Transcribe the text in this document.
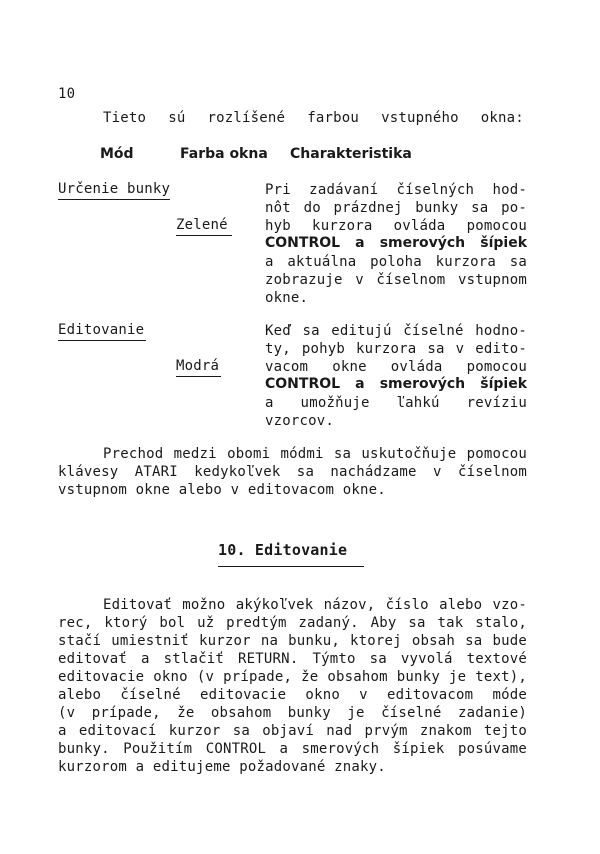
10
Tieto sú rozlíšené farbou vstupného okna:
Mód	Farba okna Charakteristika
Určenie bunky
Zelené
Pri zadávaní číselných hod-
nôt do prázdnej bunky sa po-
hyb kurzora ovláda pomocou
CONTROL a smerových šípiek
a aktuálna poloha kurzora sa
zobrazuje v číselnom vstupnom
okne.
Editovanie
Modrá
Keď sa editujú číselné hodno-
ty, pohyb kurzora sa v edito-
vacom okne ovláda pomocou
CONTROL a smerových šípiek
a umožňuje ľahkú revíziu
vzorcov.
Prechod medzi obomi módmi sa uskutočňuje pomocou
klávesy ATARI kedykoľvek sa nachádzame v číselnom
vstupnom okne alebo v editovacom okne.
10. Editovanie
Editovať možno akýkoľvek názov, číslo alebo vzo-
rec, ktorý bol už predtým zadaný. Aby sa tak stalo,
stačí umiestniť kurzor na bunku, ktorej obsah sa bude
editovať a stlačiť RETURN. Týmto sa vyvolá textové
editovacie okno (v prípade, že obsahom bunky je text),
alebo číselné editovacie okno v editovacom móde
(v prípade, že obsahom bunky je číselné zadanie)
a editovací kurzor sa objaví nad prvým znakom tejto
bunky. Použitím CONTROL a smerových šípiek posúvame
kurzorom a editujeme požadované znaky.
